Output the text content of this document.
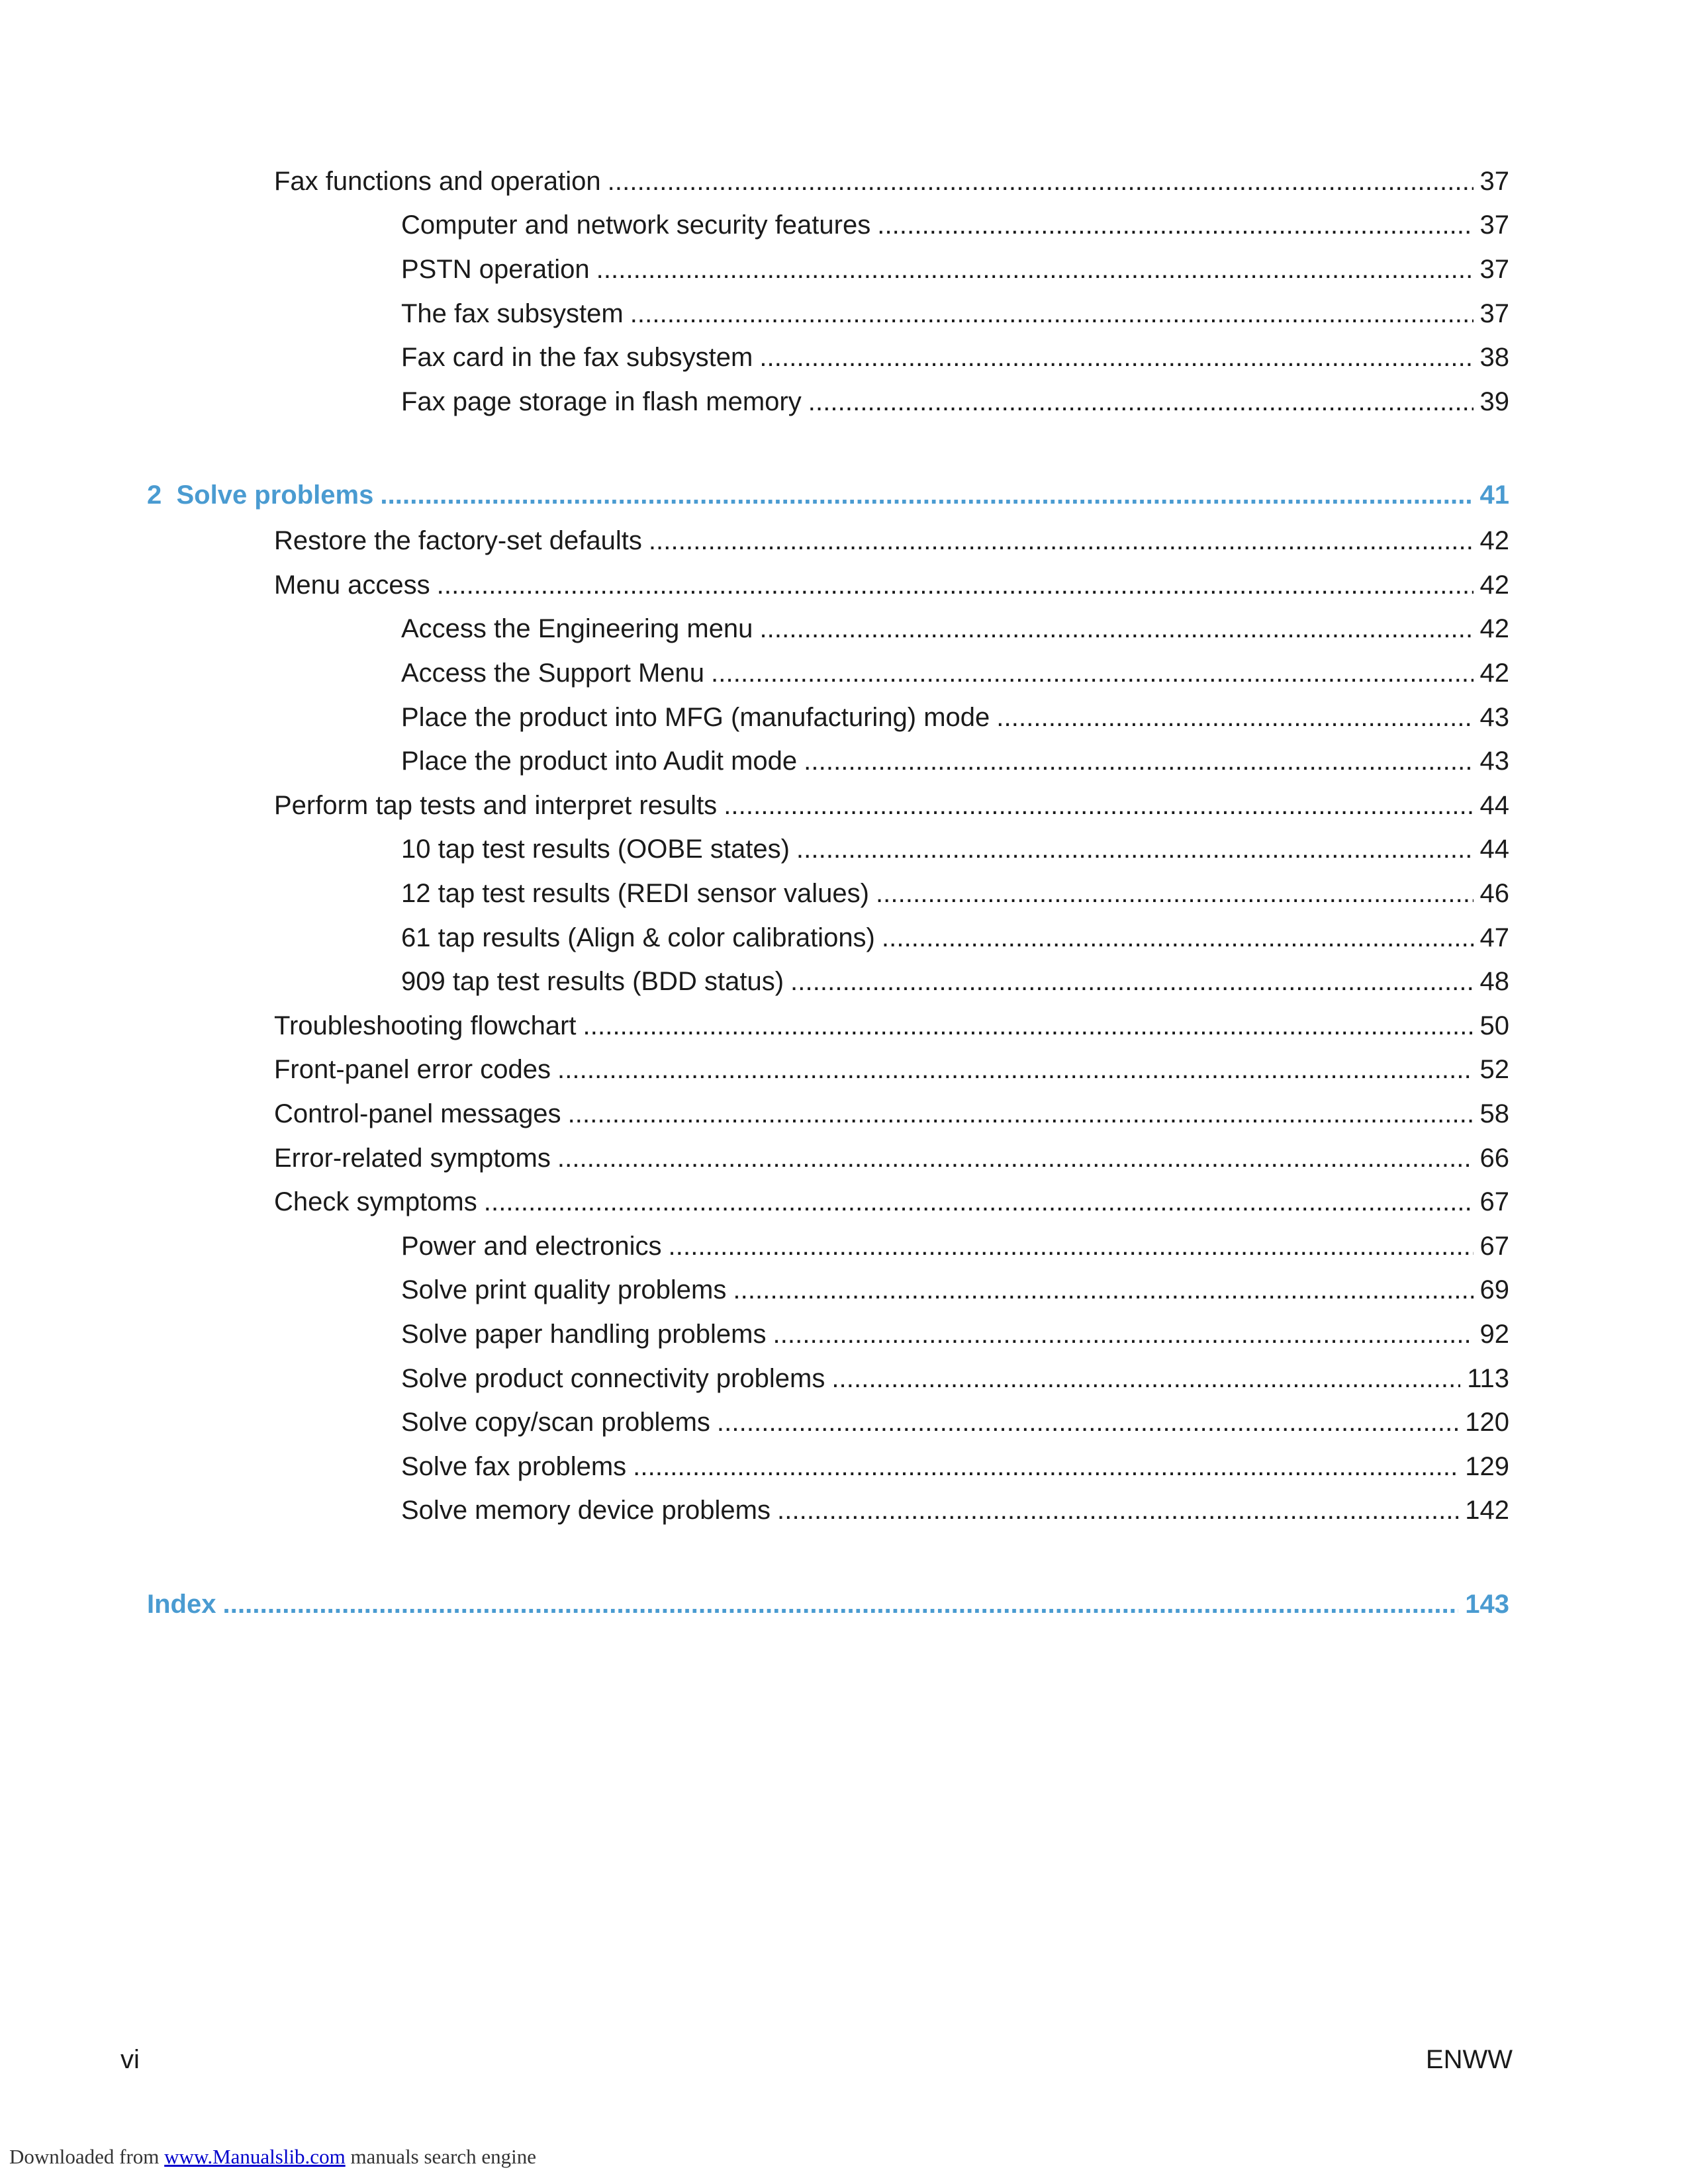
Fax functions and operation . . .	37
Computer and network security features . . .	37
PSTN operation . . .	37
The fax subsystem . . .	37
Fax card in the fax subsystem . . .	38
Fax page storage in flash memory . . .	39
2  Solve problems . . .	41
Restore the factory-set defaults . . .	42
Menu access . . .	42
Access the Engineering menu . . .	42
Access the Support Menu . . .	42
Place the product into MFG (manufacturing) mode . . .	43
Place the product into Audit mode . . .	43
Perform tap tests and interpret results . . .	44
10 tap test results (OOBE states) . . .	44
12 tap test results (REDI sensor values) . . .	46
61 tap results (Align & color calibrations) . . .	47
909 tap test results (BDD status) . . .	48
Troubleshooting flowchart . . .	50
Front-panel error codes . . .	52
Control-panel messages . . .	58
Error-related symptoms . . .	66
Check symptoms . . .	67
Power and electronics . . .	67
Solve print quality problems . . .	69
Solve paper handling problems . . .	92
Solve product connectivity problems . . .	113
Solve copy/scan problems . . .	120
Solve fax problems . . .	129
Solve memory device problems . . .	142
Index . . .	143
vi	ENWW
Downloaded from www.Manualslib.com manuals search engine
